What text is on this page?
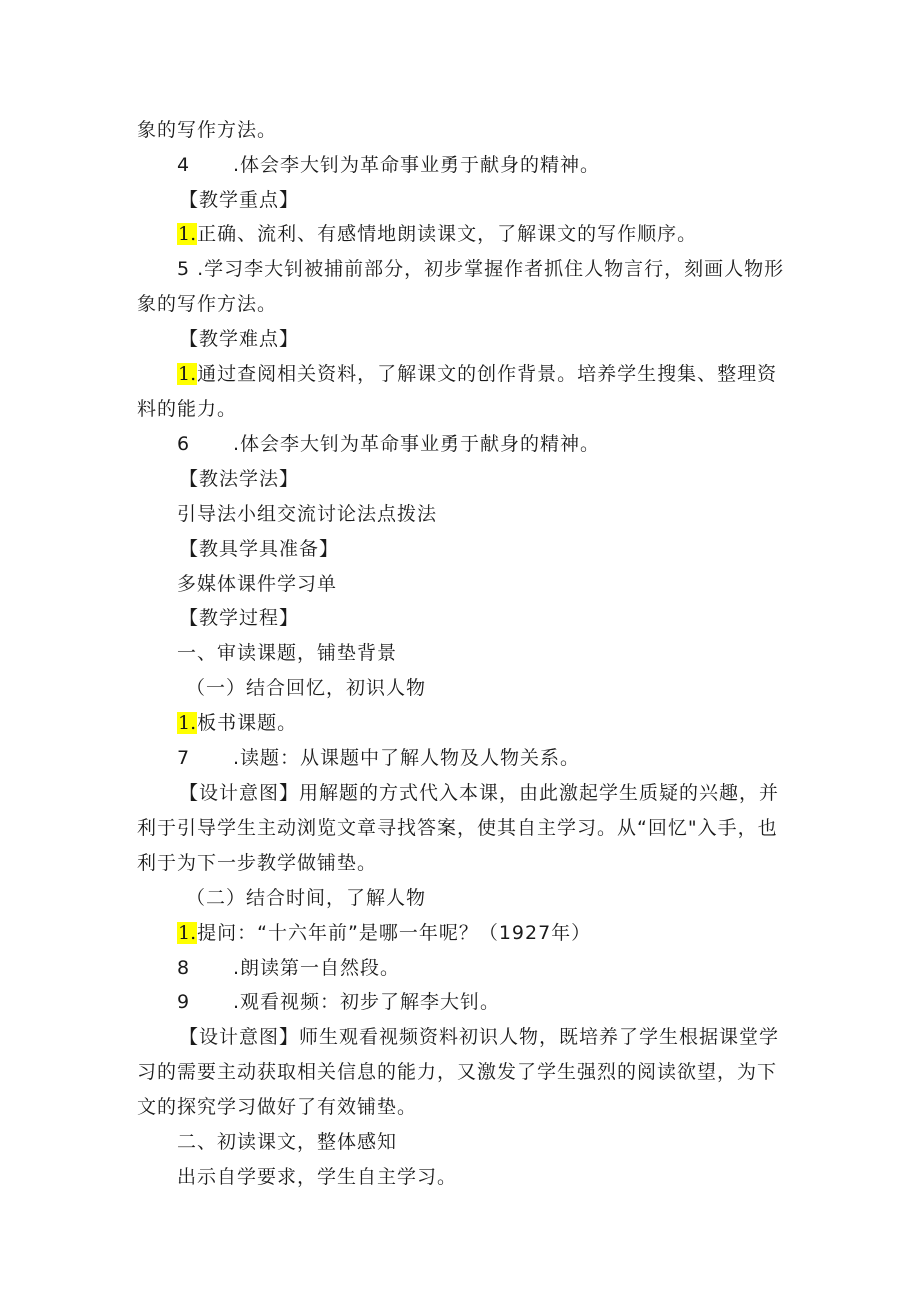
象的写作方法。
4 .体会李大钊为革命事业勇于献身的精神。
【教学重点】
1.正确、流利、有感情地朗读课文，了解课文的写作顺序。
5 .学习李大钊被捕前部分，初步掌握作者抓住人物言行，刻画人物形
象的写作方法。
【教学难点】
1.通过查阅相关资料，了解课文的创作背景。培养学生搜集、整理资
料的能力。
6 .体会李大钊为革命事业勇于献身的精神。
【教法学法】
引导法小组交流讨论法点拨法
【教具学具准备】
多媒体课件学习单
【教学过程】
一、审读课题，铺垫背景
（一）结合回忆，初识人物
1.板书课题。
7 .读题：从课题中了解人物及人物关系。
【设计意图】用解题的方式代入本课，由此激起学生质疑的兴趣，并
利于引导学生主动浏览文章寻找答案，使其自主学习。从“回忆"入手，也
利于为下一步教学做铺垫。
（二）结合时间，了解人物
1.提问：“十六年前”是哪一年呢？（1927年）
8 .朗读第一自然段。
9 .观看视频：初步了解李大钊。
【设计意图】师生观看视频资料初识人物，既培养了学生根据课堂学
习的需要主动获取相关信息的能力，又激发了学生强烈的阅读欲望，为下
文的探究学习做好了有效铺垫。
二、初读课文，整体感知
出示自学要求，学生自主学习。
